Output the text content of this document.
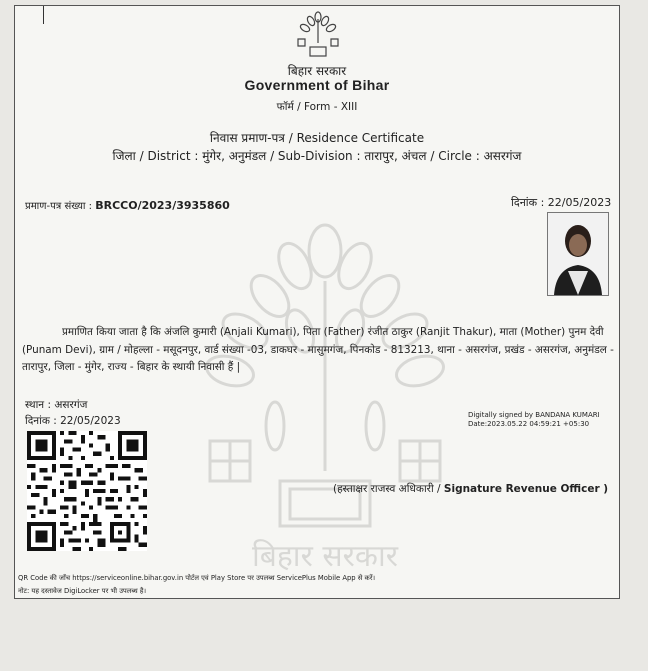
बिहार सरकार
बिहार सरकार
Government of Bihar
फॉर्म / Form - XIII
निवास प्रमाण-पत्र / Residence Certificate
जिला / District : मुंगेर, अनुमंडल / Sub-Division : तारापुर, अंचल / Circle : असरगंज
प्रमाण-पत्र संख्या : BRCCO/2023/3935860	दिनांक : 22/05/2023
प्रमाणित किया जाता है कि अंजलि कुमारी (Anjali Kumari), पिता (Father) रंजीत ठाकुर (Ranjit Thakur), माता (Mother) पुनम देवी (Punam Devi), ग्राम / मोहल्ला - मसूदनपुर, वार्ड संख्या -03, डाकघर - मासुमगंज, पिनकोड - 813213, थाना - असरगंज, प्रखंड - असरगंज, अनुमंडल - तारापुर, जिला - मुंगेर, राज्य - बिहार के स्थायी निवासी हैं |
स्थान : असरगंज
दिनांक : 22/05/2023	Digitally signed by BANDANA KUMARI
Date:2023.05.22 04:59:21 +05:30
(हस्ताक्षर राजस्व अधिकारी / Signature Revenue Officer )
QR Code की जाँच https://serviceonline.bihar.gov.in पोर्टल एवं Play Store पर उपलब्ध ServicePlus Mobile App से करें।
नोट: यह दस्तावेज DigiLocker पर भी उपलब्ध है।
